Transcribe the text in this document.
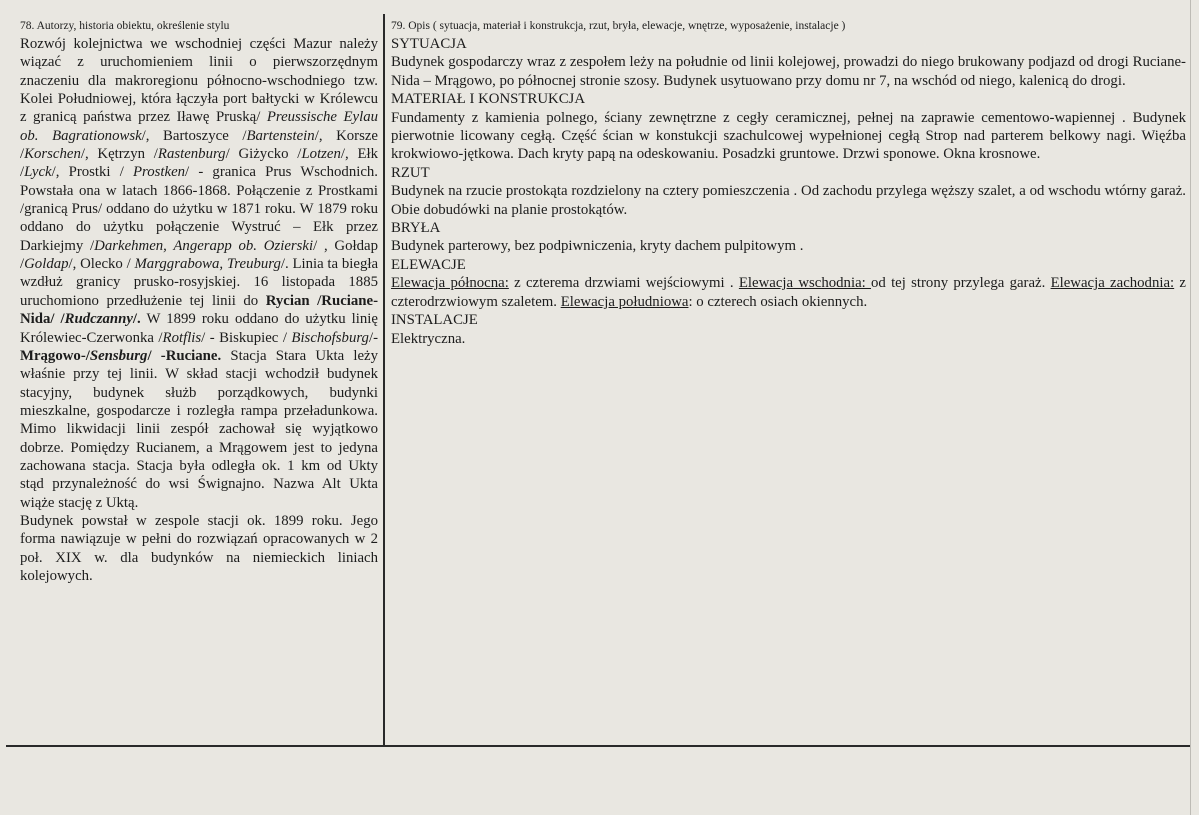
78. Autorzy, historia obiektu, określenie stylu

Rozwój kolejnictwa we wschodniej części Mazur należy wiązać z uruchomieniem linii o pierwszorzędnym znaczeniu dla makroregionu północno-wschodniego tzw. Kolei Południowej, która łączyła port bałtycki w Królewcu z granicą państwa przez Iławę Pruską/ Preussische Eylau ob. Bagrationowsk/, Bartoszyce /Bartenstein/, Korsze /Korschen/, Kętrzyn /Rastenburg/ Giżycko /Lotzen/, Ełk /Lyck/, Prostki / Prostken/ - granica Prus Wschodnich. Powstała ona w latach 1866-1868. Połączenie z Prostkami /granicą Prus/ oddano do użytku w 1871 roku. W 1879 roku oddano do użytku połączenie Wystruć – Ełk przez Darkiejmy /Darkehmen, Angerapp ob. Ozierski/ , Gołdap /Goldap/, Olecko / Marggrabowa, Treuburg/. Linia ta biegła wzdłuż granicy prusko-rosyjskiej. 16 listopada 1885 uruchomiono przedłużenie tej linii do Rycian /Ruciane-Nida/ /Rudczanny/. W 1899 roku oddano do użytku linię Królewiec-Czerwonka /Rotflis/ - Biskupiec / Bischofsburg/- Mrągowo-/Sensburg/ -Ruciane. Stacja Stara Ukta leży właśnie przy tej linii. W skład stacji wchodził budynek stacyjny, budynek służb porządkowych, budynki mieszkalne, gospodarcze i rozległa rampa przeładunkowa. Mimo likwidacji linii zespół zachował się wyjątkowo dobrze. Pomiędzy Rucianem, a Mrągowem jest to jedyna zachowana stacja. Stacja była odległa ok. 1 km od Ukty stąd przynależność do wsi Śwignajno. Nazwa Alt Ukta wiąże stację z Uktą.

Budynek powstał w zespole stacji ok. 1899 roku. Jego forma nawiązuje w pełni do rozwiązań opracowanych w 2 poł. XIX w. dla budynków na niemieckich liniach kolejowych.

79. Opis ( sytuacja, materiał i konstrukcja, rzut, bryła, elewacje, wnętrze, wyposażenie, instalacje )

SYTUACJA

Budynek gospodarczy wraz z zespołem leży na południe od linii kolejowej, prowadzi do niego brukowany podjazd od drogi Ruciane-Nida – Mrągowo, po północnej stronie szosy. Budynek usytuowano przy domu nr 7, na wschód od niego, kalenicą do drogi.

MATERIAŁ I KONSTRUKCJA

Fundamenty z kamienia polnego, ściany zewnętrzne z cegły ceramicznej, pełnej na zaprawie cementowo-wapiennej . Budynek pierwotnie licowany cegłą. Część ścian w konstukcji szachulcowej wypełnionej cegłą Strop nad parterem belkowy nagi. Więźba krokwiowo-jętkowa. Dach kryty papą na odeskowaniu. Posadzki gruntowe. Drzwi sponowe. Okna krosnowe.

RZUT

Budynek na rzucie prostokąta rozdzielony na cztery pomieszczenia . Od zachodu przylega węższy szalet, a od wschodu wtórny garaż. Obie dobudówki na planie prostokątów.

BRYŁA

Budynek parterowy, bez podpiwniczenia, kryty dachem pulpitowym .

ELEWACJE

Elewacja północna: z czterema drzwiami wejściowymi . Elewacja wschodnia: od tej strony przylega garaż. Elewacja zachodnia: z czterodrzwiowym szaletem. Elewacja południowa: o czterech osiach okiennych.

INSTALACJE

Elektryczna.
